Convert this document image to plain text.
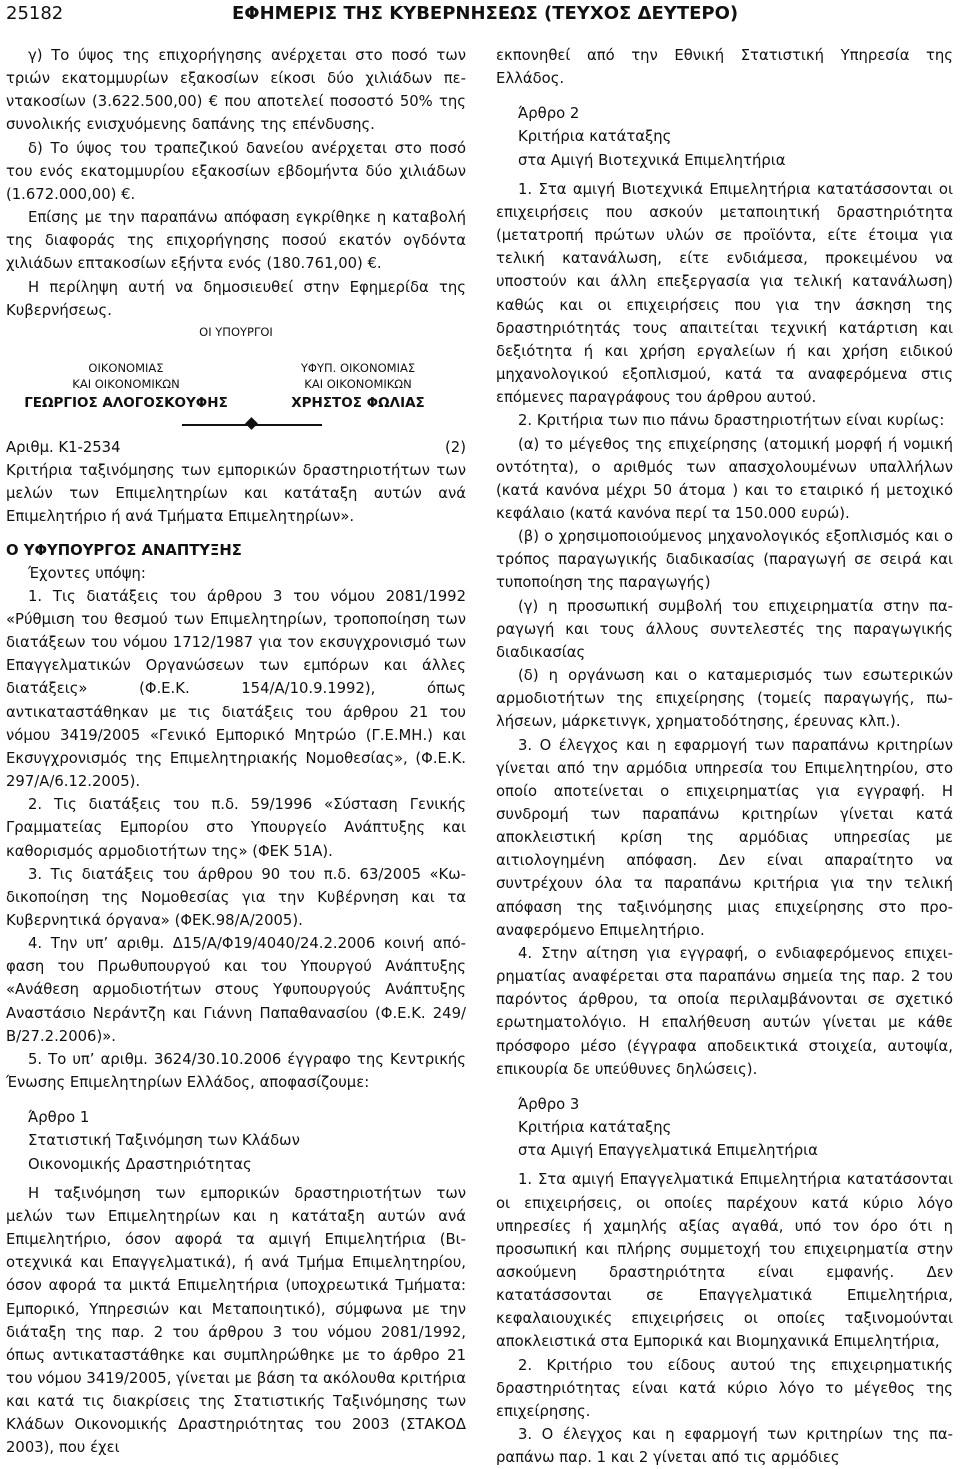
25182	ΕΦΗΜΕΡΙΣ ΤΗΣ ΚΥΒΕΡΝΗΣΕΩΣ (ΤΕΥΧΟΣ ΔΕΥΤΕΡΟ)

γ) Το ύψος της επιχορήγησης ανέρχεται στο ποσό των τριών εκατομμυρίων εξακοσίων είκοσι δύο χιλιάδων πεντακοσίων (3.622.500,00) € που αποτελεί ποσοστό 50% της συνολικής ενισχυόμενης δαπάνης της επένδυσης.

δ) Το ύψος του τραπεζικού δανείου ανέρχεται στο ποσό του ενός εκατομμυρίου εξακοσίων εβδομήντα δύο χιλιάδων (1.672.000,00) €.

Επίσης με την παραπάνω απόφαση εγκρίθηκε η καταβολή της διαφοράς της επιχορήγησης ποσού εκατόν ογδόντα χιλιάδων επτακοσίων εξήντα ενός (180.761,00) €.

Η περίληψη αυτή να δημοσιευθεί στην Εφημερίδα της Κυβερνήσεως.

ΟΙ ΥΠΟΥΡΓΟΙ
ΟΙΚΟΝΟΜΙΑΣ
ΚΑΙ ΟΙΚΟΝΟΜΙΚΩΝ
ΓΕΩΡΓΙΟΣ ΑΛΟΓΟΣΚΟΥΦΗΣ
ΥΦΥΠ. ΟΙΚΟΝΟΜΙΑΣ
ΚΑΙ ΟΙΚΟΝΟΜΙΚΩΝ
ΧΡΗΣΤΟΣ ΦΩΛΙΑΣ
Αριθμ. Κ1-2534	(2)

Κριτήρια ταξινόμησης των εμπορικών δραστηριοτήτων των μελών των Επιμελητηρίων και κατάταξη αυτών ανά Επιμελητήριο ή ανά Τμήματα Επιμελητηρίων».

Ο ΥΦΥΠΟΥΡΓΟΣ ΑΝΑΠΤΥΞΗΣ

Έχοντες υπόψη:

1. Τις διατάξεις του άρθρου 3 του νόμου 2081/1992 «Ρύθμιση του θεσμού των Επιμελητηρίων, τροποποίηση των διατάξεων του νόμου 1712/1987 για τον εκσυγχρονισμό των Επαγγελματικών Οργανώσεων των εμπόρων και άλλες διατάξεις» (Φ.Ε.Κ. 154/Α/10.9.1992), όπως αντικαταστάθηκαν με τις διατάξεις του άρθρου 21 του νόμου 3419/2005 «Γενικό Εμπορικό Μητρώο (Γ.Ε.ΜΗ.) και Εκσυγχρονισμός της Επιμελητηριακής Νομοθεσίας», (Φ.Ε.Κ. 297/Α/6.12.2005).

2. Τις διατάξεις του π.δ. 59/1996 «Σύσταση Γενικής Γραμματείας Εμπορίου στο Υπουργείο Ανάπτυξης και καθορισμός αρμοδιοτήτων της» (ΦΕΚ 51Α).

3. Τις διατάξεις του άρθρου 90 του π.δ. 63/2005 «Κωδικοποίηση της Νομοθεσίας για την Κυβέρνηση και τα Κυβερνητικά όργανα» (ΦΕΚ.98/Α/2005).

4. Την υπ’ αριθμ. Δ15/Α/Φ19/4040/24.2.2006 κοινή απόφαση του Πρωθυπουργού και του Υπουργού Ανάπτυξης «Ανάθεση αρμοδιοτήτων στους Υφυπουργούς Ανάπτυξης Αναστάσιο Νεράντζη και Γιάννη Παπαθανασίου (Φ.Ε.Κ. 249/Β/27.2.2006)».

5. Το υπ’ αριθμ. 3624/30.10.2006 έγγραφο της Κεντρικής Ένωσης Επιμελητηρίων Ελλάδος, αποφασίζουμε:

Άρθρο 1

Στατιστική Ταξινόμηση των Κλάδων

Οικονομικής Δραστηριότητας

Η ταξινόμηση των εμπορικών δραστηριοτήτων των μελών των Επιμελητηρίων και η κατάταξη αυτών ανά Επιμελητήριο, όσον αφορά τα αμιγή Επιμελητήρια (Βιοτεχνικά και Επαγγελματικά), ή ανά Τμήμα Επιμελητηρίου, όσον αφορά τα μικτά Επιμελητήρια (υποχρεωτικά Τμήματα: Εμπορικό, Υπηρεσιών και Μεταποιητικό), σύμφωνα με την διάταξη της παρ. 2 του άρθρου 3 του νόμου 2081/1992, όπως αντικαταστάθηκε και συμπληρώθηκε με το άρθρο 21 του νόμου 3419/2005, γίνεται με βάση τα ακόλουθα κριτήρια και κατά τις διακρίσεις της Στατιστικής Ταξινόμησης των Κλάδων Οικονομικής Δραστηριότητας του 2003 (ΣΤΑΚΟΔ 2003), που έχει

εκπονηθεί από την Εθνική Στατιστική Υπηρεσία της Ελλάδος.

Άρθρο 2

Κριτήρια κατάταξης

στα Αμιγή Βιοτεχνικά Επιμελητήρια

1. Στα αμιγή Βιοτεχνικά Επιμελητήρια κατατάσσονται οι επιχειρήσεις που ασκούν μεταποιητική δραστηριότητα (μετατροπή πρώτων υλών σε προϊόντα, είτε έτοιμα για τελική κατανάλωση, είτε ενδιάμεσα, προκειμένου να υποστούν και άλλη επεξεργασία για τελική κατανάλωση) καθώς και οι επιχειρήσεις που για την άσκηση της δραστηριότητάς τους απαιτείται τεχνική κατάρτιση και δεξιότητα ή και χρήση εργαλείων ή και χρήση ειδικού μηχανολογικού εξοπλισμού, κατά τα αναφερόμενα στις επόμενες παραγράφους του άρθρου αυτού.

2. Κριτήρια των πιο πάνω δραστηριοτήτων είναι κυρίως:

(α) το μέγεθος της επιχείρησης (ατομική μορφή ή νομική οντότητα), ο αριθμός των απασχολουμένων υπαλλήλων (κατά κανόνα μέχρι 50 άτομα ) και το εταιρικό ή μετοχικό κεφάλαιο (κατά κανόνα περί τα 150.000 ευρώ).

(β) ο χρησιμοποιούμενος μηχανολογικός εξοπλισμός και ο τρόπος παραγωγικής διαδικασίας (παραγωγή σε σειρά και τυποποίηση της παραγωγής)

(γ) η προσωπική συμβολή του επιχειρηματία στην παραγωγή και τους άλλους συντελεστές της παραγωγικής διαδικασίας

(δ) η οργάνωση και ο καταμερισμός των εσωτερικών αρμοδιοτήτων της επιχείρησης (τομείς παραγωγής, πωλήσεων, μάρκετινγκ, χρηματοδότησης, έρευνας κλπ.).

3. Ο έλεγχος και η εφαρμογή των παραπάνω κριτηρίων γίνεται από την αρμόδια υπηρεσία του Επιμελητηρίου, στο οποίο αποτείνεται ο επιχειρηματίας για εγγραφή. Η συνδρομή των παραπάνω κριτηρίων γίνεται κατά αποκλειστική κρίση της αρμόδιας υπηρεσίας με αιτιολογημένη απόφαση. Δεν είναι απαραίτητο να συντρέχουν όλα τα παραπάνω κριτήρια για την τελική απόφαση της ταξινόμησης μιας επιχείρησης στο προαναφερόμενο Επιμελητήριο.

4. Στην αίτηση για εγγραφή, ο ενδιαφερόμενος επιχειρηματίας αναφέρεται στα παραπάνω σημεία της παρ. 2 του παρόντος άρθρου, τα οποία περιλαμβάνονται σε σχετικό ερωτηματολόγιο. Η επαλήθευση αυτών γίνεται με κάθε πρόσφορο μέσο (έγγραφα αποδεικτικά στοιχεία, αυτοψία, επικουρία δε υπεύθυνες δηλώσεις).

Άρθρο 3

Κριτήρια κατάταξης

στα Αμιγή Επαγγελματικά Επιμελητήρια

1. Στα αμιγή Επαγγελματικά Επιμελητήρια κατατάσονται οι επιχειρήσεις, οι οποίες παρέχουν κατά κύριο λόγο υπηρεσίες ή χαμηλής αξίας αγαθά, υπό τον όρο ότι η προσωπική και πλήρης συμμετοχή του επιχειρηματία στην ασκούμενη δραστηριότητα είναι εμφανής. Δεν κατατάσσονται σε Επαγγελματικά Επιμελητήρια, κεφαλαιουχικές επιχειρήσεις οι οποίες ταξινομούνται αποκλειστικά στα Εμπορικά και Βιομηχανικά Επιμελητήρια,

2. Κριτήριο του είδους αυτού της επιχειρηματικής δραστηριότητας είναι κατά κύριο λόγο το μέγεθος της επιχείρησης.

3. Ο έλεγχος και η εφαρμογή των κριτηρίων της παραπάνω παρ. 1 και 2 γίνεται από τις αρμόδιες
